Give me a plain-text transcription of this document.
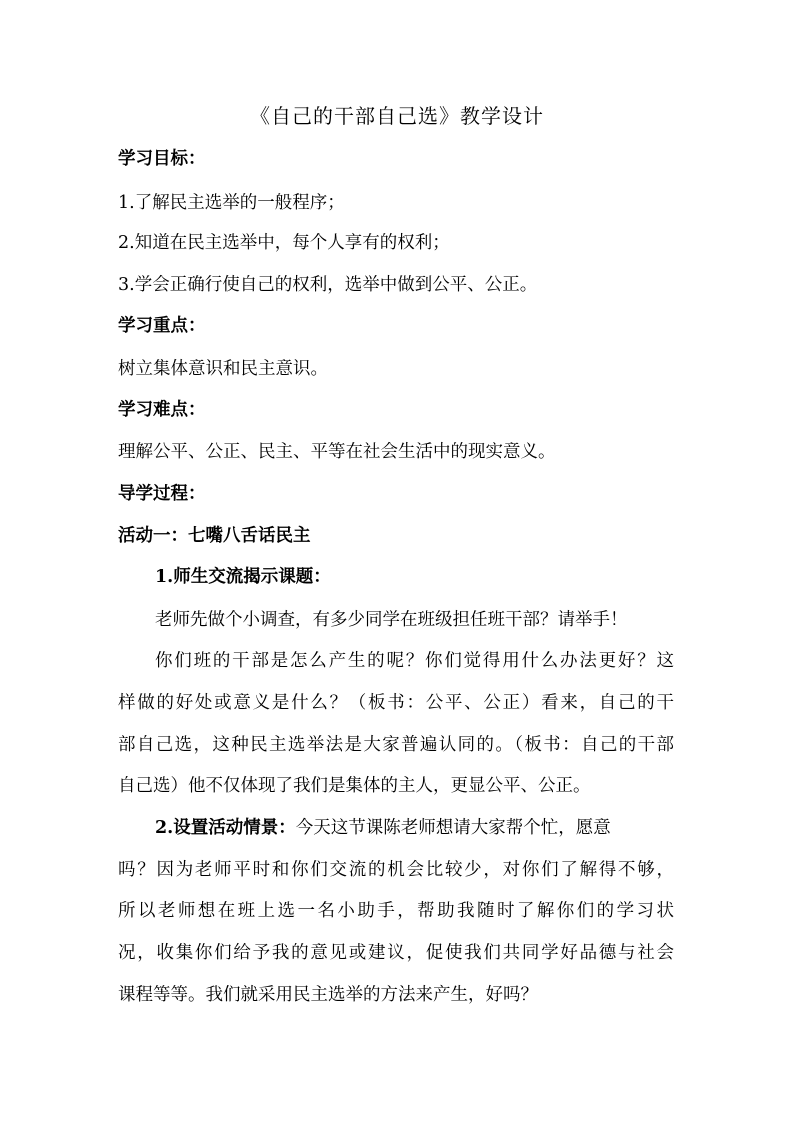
《自己的干部自己选》教学设计
学习目标：
1.了解民主选举的一般程序；
2.知道在民主选举中，每个人享有的权利；
3.学会正确行使自己的权利，选举中做到公平、公正。
学习重点：
树立集体意识和民主意识。
学习难点：
理解公平、公正、民主、平等在社会生活中的现实意义。
导学过程：
活动一：七嘴八舌话民主
1.师生交流揭示课题：
老师先做个小调查，有多少同学在班级担任班干部？请举手！
你们班的干部是怎么产生的呢？你们觉得用什么办法更好？这
样做的好处或意义是什么？（板书：公平、公正）看来，自己的干
部自己选，这种民主选举法是大家普遍认同的。（板书：自己的干部
自己选）他不仅体现了我们是集体的主人，更显公平、公正。
2.设置活动情景：今天这节课陈老师想请大家帮个忙，愿意
吗？因为老师平时和你们交流的机会比较少，对你们了解得不够，
所以老师想在班上选一名小助手，帮助我随时了解你们的学习状
况，收集你们给予我的意见或建议，促使我们共同学好品德与社会
课程等等。我们就采用民主选举的方法来产生，好吗？
